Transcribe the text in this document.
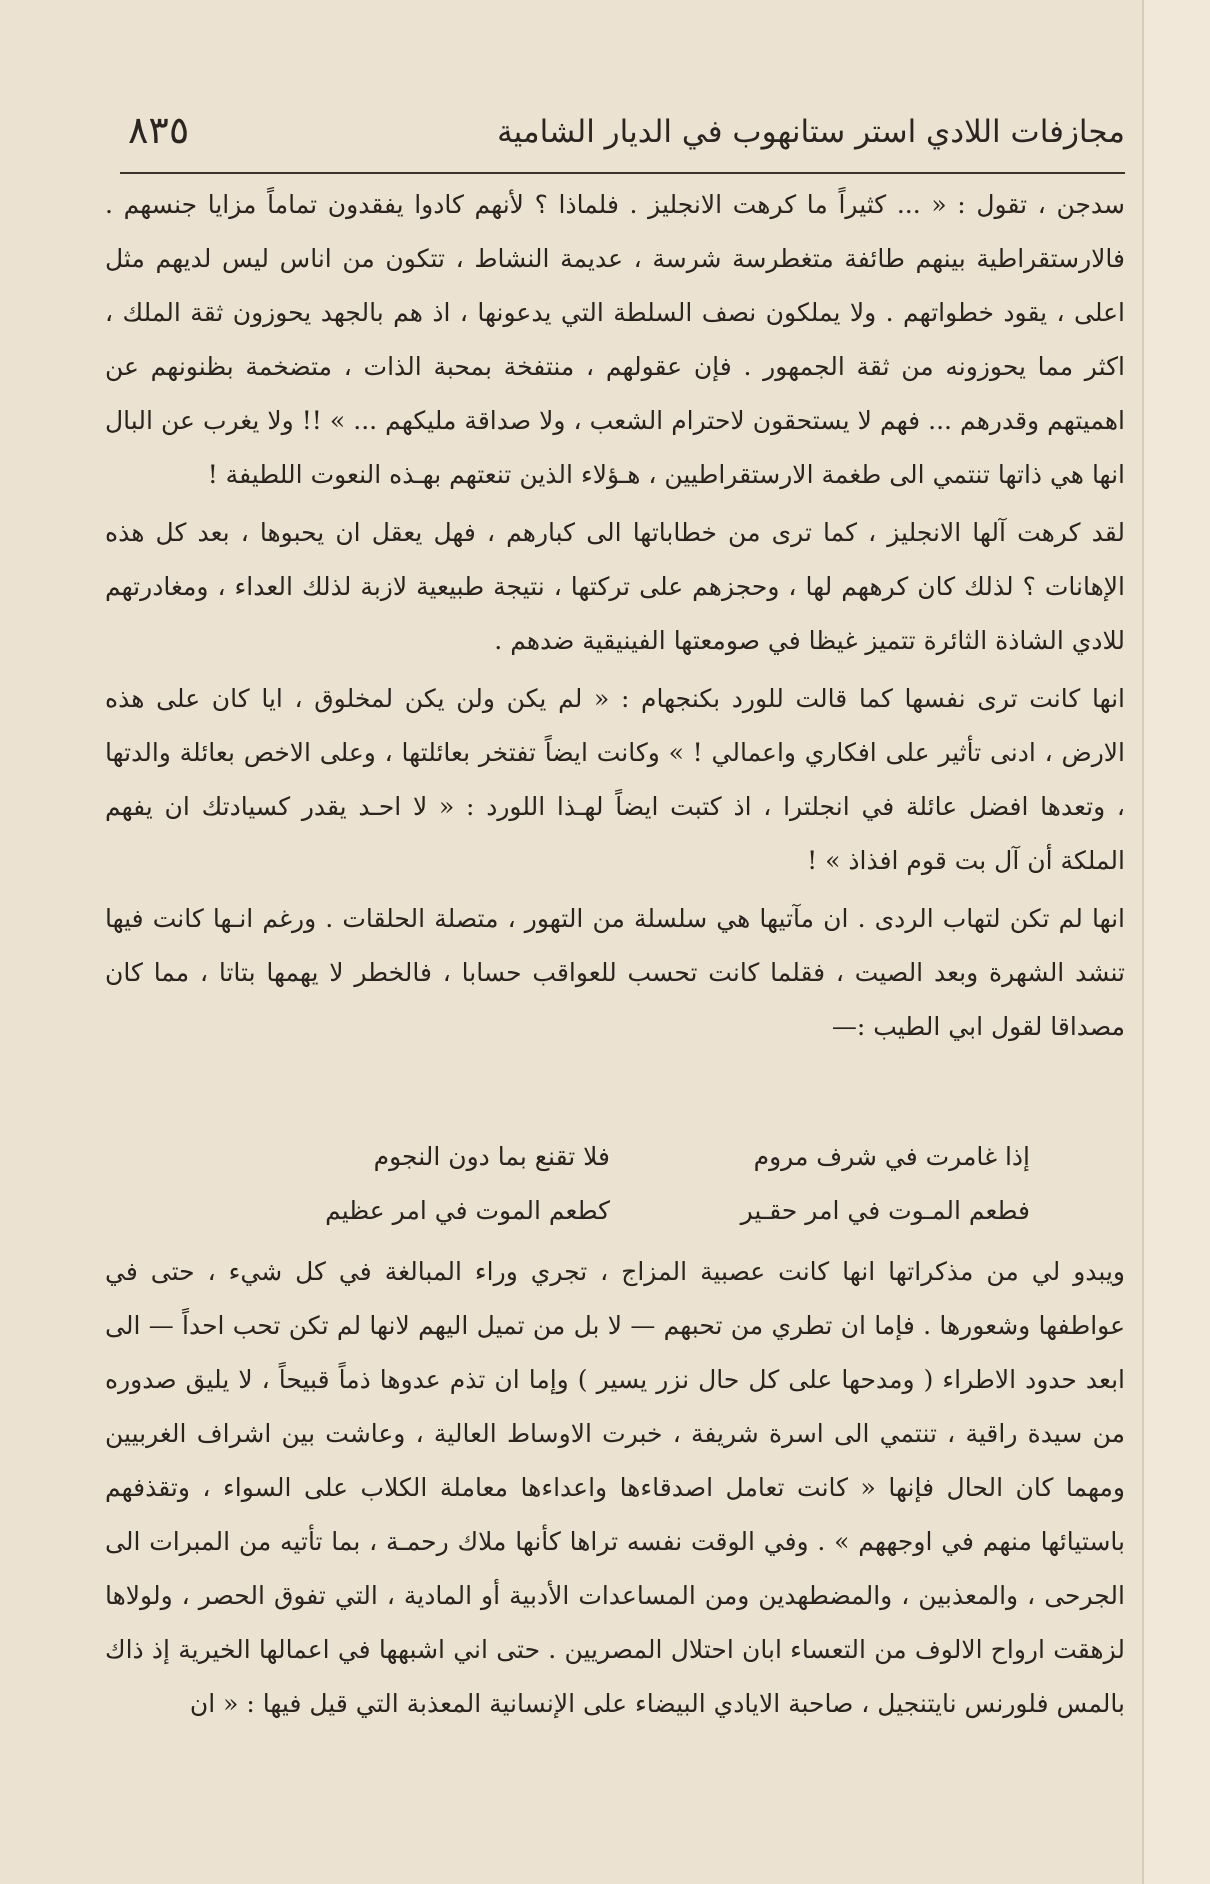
مجازفات اللادي استر ستانهوب في الديار الشامية
٨٣٥

سدجن ، تقول : « ... كثيراً ما كرهت الانجليز . فلماذا ؟ لأنهم كادوا يفقدون تماماً مزايا جنسهم . فالارستقراطية بينهم طائفة متغطرسة شرسة ، عديمة النشاط ، تتكون من اناس ليس لديهم مثل اعلى ، يقود خطواتهم . ولا يملكون نصف السلطة التي يدعونها ، اذ هم بالجهد يحوزون ثقة الملك ، اكثر مما يحوزونه من ثقة الجمهور . فإن عقولهم ، منتفخة بمحبة الذات ، متضخمة بظنونهم عن اهميتهم وقدرهم ... فهم لا يستحقون لاحترام الشعب ، ولا صداقة مليكهم ... » !! ولا يغرب عن البال انها هي ذاتها تنتمي الى طغمة الارستقراطيين ، هـؤلاء الذين تنعتهم بهـذه النعوت اللطيفة !

لقد كرهت آلها الانجليز ، كما ترى من خطاباتها الى كبارهم ، فهل يعقل ان يحبوها ، بعد كل هذه الإهانات ؟ لذلك كان كرههم لها ، وحجزهم على تركتها ، نتيجة طبيعية لازبة لذلك العداء ، ومغادرتهم للادي الشاذة الثائرة تتميز غيظا في صومعتها الفينيقية ضدهم .

انها كانت ترى نفسها كما قالت للورد بكنجهام : « لم يكن ولن يكن لمخلوق ، ايا كان على هذه الارض ، ادنى تأثير على افكاري واعمالي ! » وكانت ايضاً تفتخر بعائلتها ، وعلى الاخص بعائلة والدتها ، وتعدها افضل عائلة في انجلترا ، اذ كتبت ايضاً لهـذا اللورد : « لا احـد يقدر كسيادتك ان يفهم الملكة أن آل بت قوم افذاذ » !

انها لم تكن لتهاب الردى . ان مآتيها هي سلسلة من التهور ، متصلة الحلقات . ورغم انـها كانت فيها تنشد الشهرة وبعد الصيت ، فقلما كانت تحسب للعواقب حسابا ، فالخطر لا يهمها بتاتا ، مما كان مصداقا لقول ابي الطيب :—

إذا غامرت في شرف مروم
فلا تقنع بما دون النجوم
فطعم المـوت في امر حقـير
كطعم الموت في امر عظيم

ويبدو لي من مذكراتها انها كانت عصبية المزاج ، تجري وراء المبالغة في كل شيء ، حتى في عواطفها وشعورها . فإما ان تطري من تحبهم — لا بل من تميل اليهم لانها لم تكن تحب احداً — الى ابعد حدود الاطراء ( ومدحها على كل حال نزر يسير ) وإما ان تذم عدوها ذماً قبيحاً ، لا يليق صدوره من سيدة راقية ، تنتمي الى اسرة شريفة ، خبرت الاوساط العالية ، وعاشت بين اشراف الغربيين ومهما كان الحال فإنها « كانت تعامل اصدقاءها واعداءها معاملة الكلاب على السواء ، وتقذفهم باستيائها منهم في اوجههم » . وفي الوقت نفسه تراها كأنها ملاك رحمـة ، بما تأتيه من المبرات الى الجرحى ، والمعذبين ، والمضطهدين ومن المساعدات الأدبية أو المادية ، التي تفوق الحصر ، ولولاها لزهقت ارواح الالوف من التعساء ابان احتلال المصريين . حتى اني اشبهها في اعمالها الخيرية إذ ذاك بالمس فلورنس نايتنجيل ، صاحبة الايادي البيضاء على الإنسانية المعذبة التي قيل فيها : « ان
